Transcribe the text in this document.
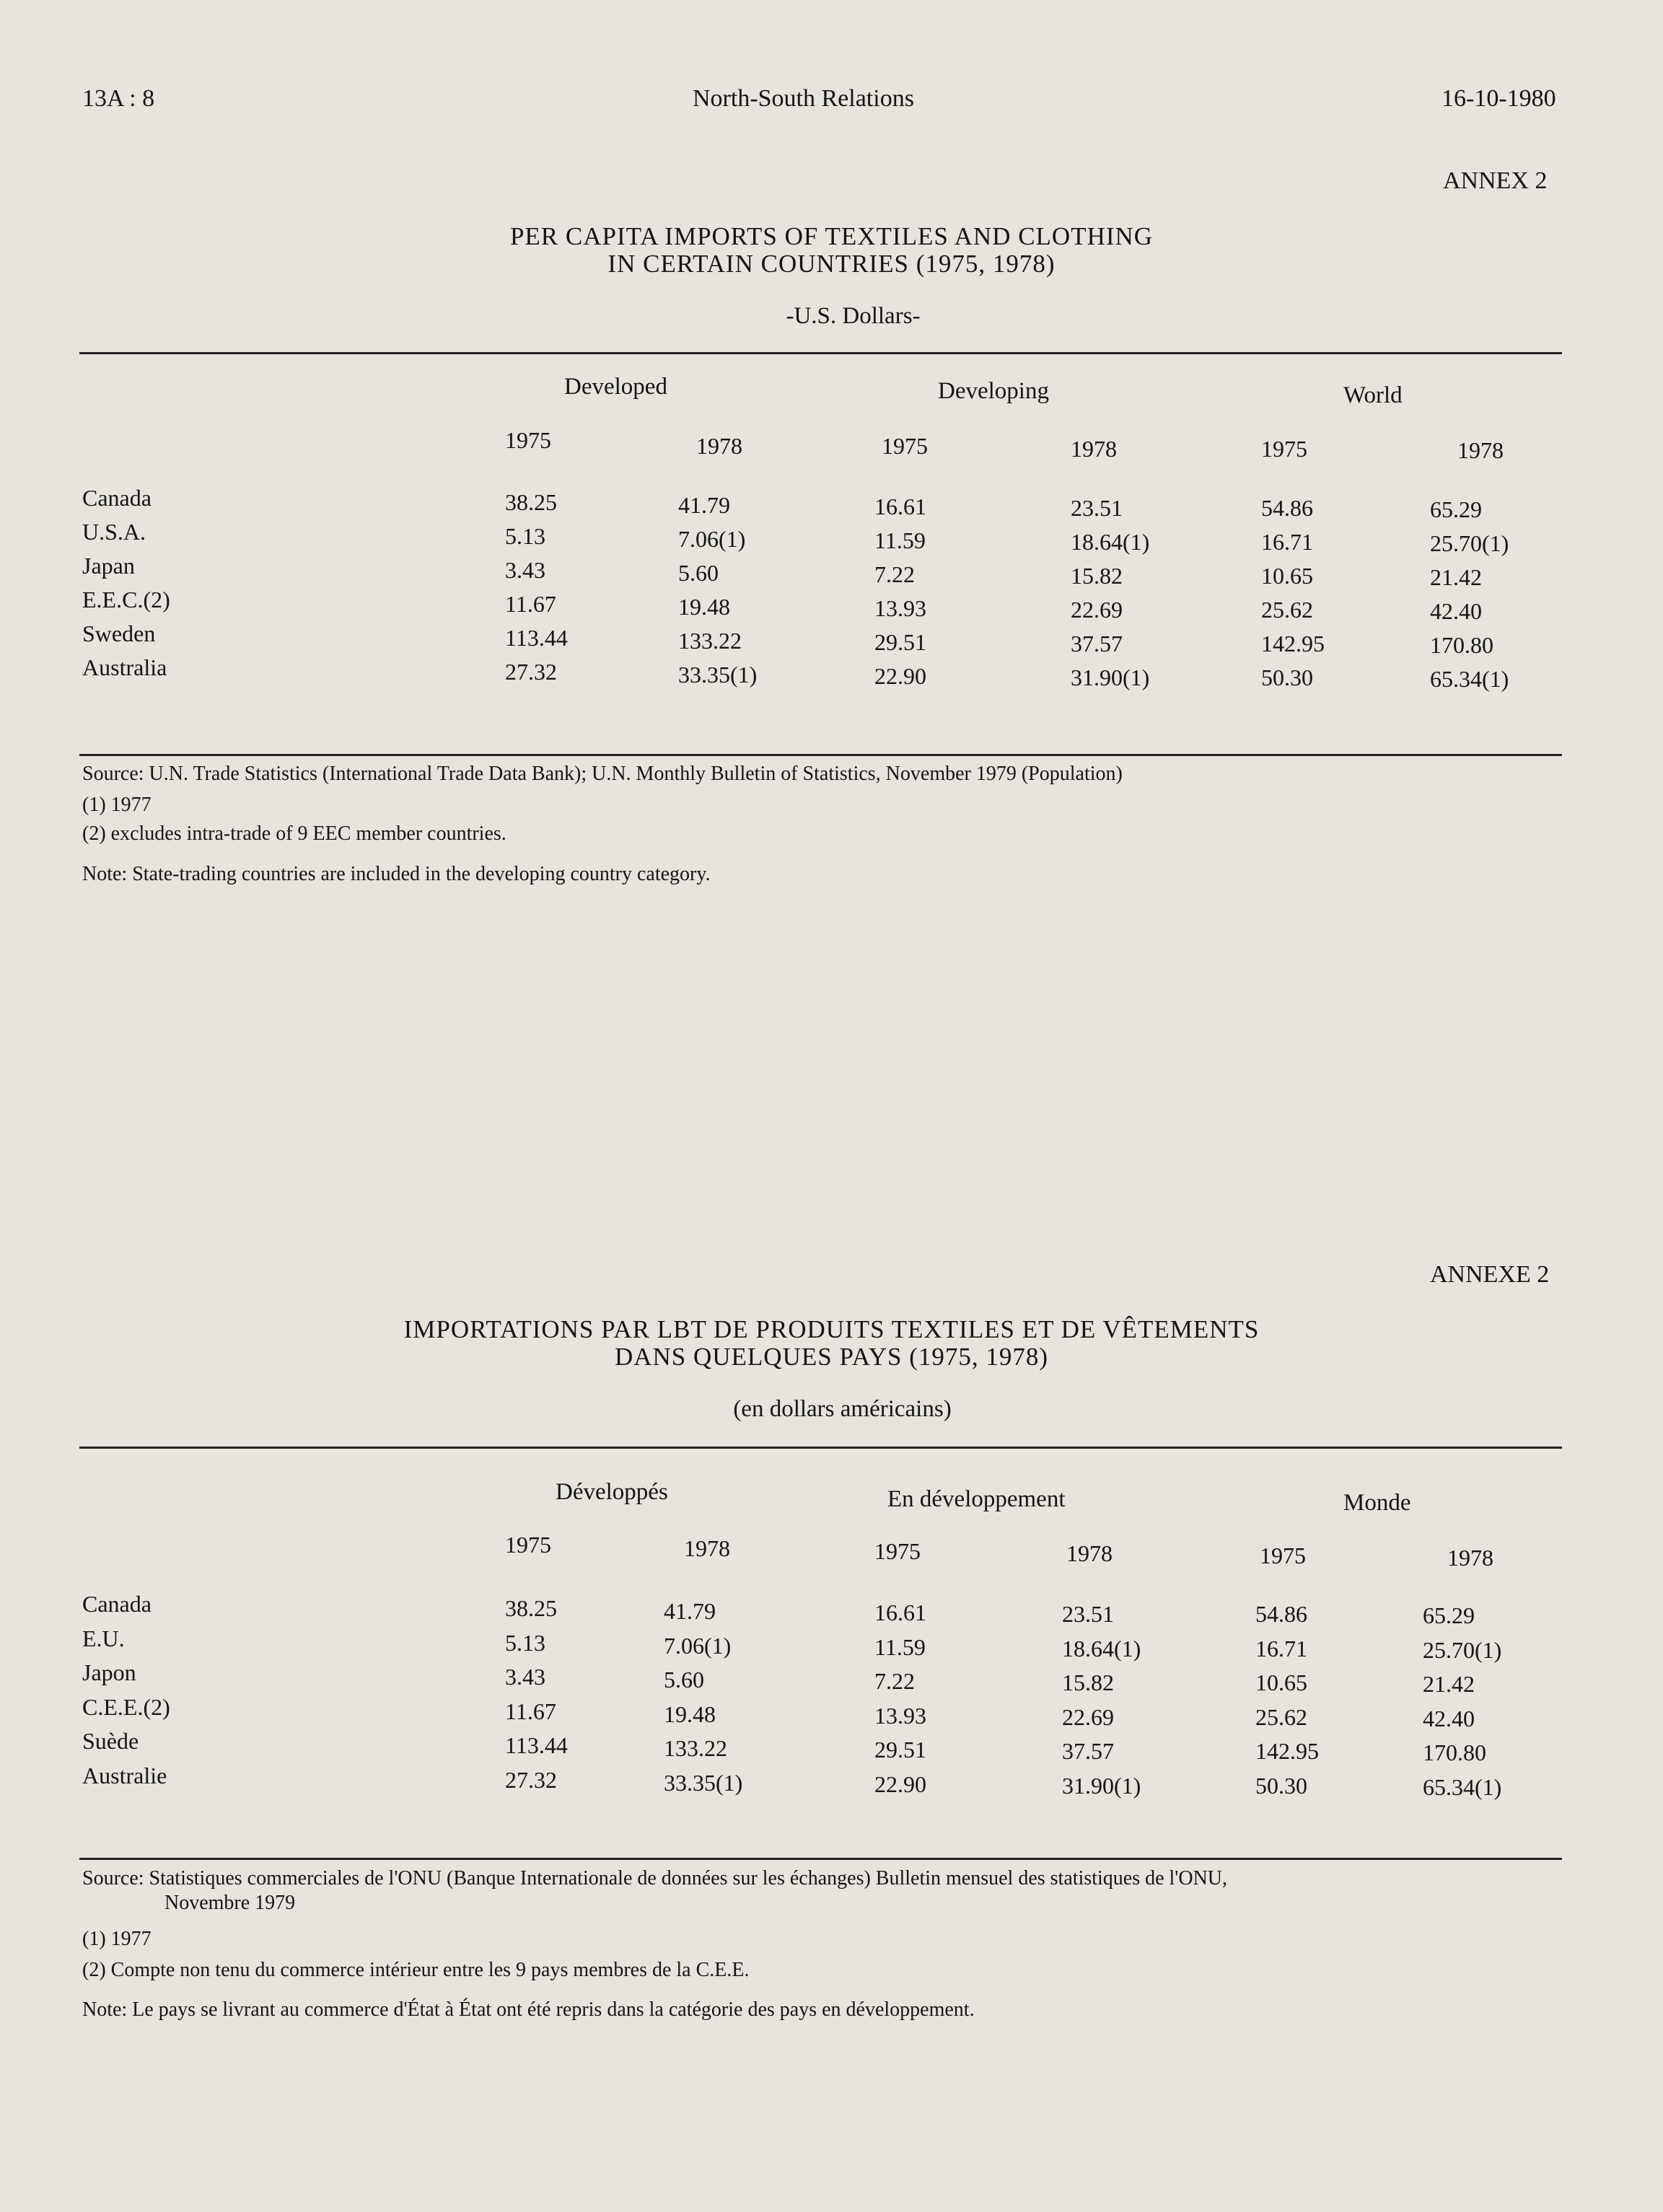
13A : 8	North-South Relations	16-10-1980
ANNEX 2
PER CAPITA IMPORTS OF TEXTILES AND CLOTHING
IN CERTAIN COUNTRIES (1975, 1978)
-U.S. Dollars-
Developed	Developing	World
1975	1978	1975	1978	1975	1978
Canada	38.25	41.79	16.61	23.51	54.86	65.29
U.S.A.	5.13	7.06(1)	11.59	18.64(1)	16.71	25.70(1)
Japan	3.43	5.60	7.22	15.82	10.65	21.42
E.E.C.(2)	11.67	19.48	13.93	22.69	25.62	42.40
Sweden	113.44	133.22	29.51	37.57	142.95	170.80
Australia	27.32	33.35(1)	22.90	31.90(1)	50.30	65.34(1)
Source: U.N. Trade Statistics (International Trade Data Bank); U.N. Monthly Bulletin of Statistics, November 1979 (Population)
(1) 1977
(2) excludes intra-trade of 9 EEC member countries.
Note: State-trading countries are included in the developing country category.
ANNEXE 2
IMPORTATIONS PAR LBT DE PRODUITS TEXTILES ET DE VÊTEMENTS
DANS QUELQUES PAYS (1975, 1978)
(en dollars américains)
Développés	En développement	Monde
1975	1978	1975	1978	1975	1978
Canada	38.25	41.79	16.61	23.51	54.86	65.29
E.U.	5.13	7.06(1)	11.59	18.64(1)	16.71	25.70(1)
Japon	3.43	5.60	7.22	15.82	10.65	21.42
C.E.E.(2)	11.67	19.48	13.93	22.69	25.62	42.40
Suède	113.44	133.22	29.51	37.57	142.95	170.80
Australie	27.32	33.35(1)	22.90	31.90(1)	50.30	65.34(1)
Source: Statistiques commerciales de l'ONU (Banque Internationale de données sur les échanges) Bulletin mensuel des statistiques de l'ONU,
Novembre 1979
(1) 1977
(2) Compte non tenu du commerce intérieur entre les 9 pays membres de la C.E.E.
Note: Le pays se livrant au commerce d'État à État ont été repris dans la catégorie des pays en développement.
